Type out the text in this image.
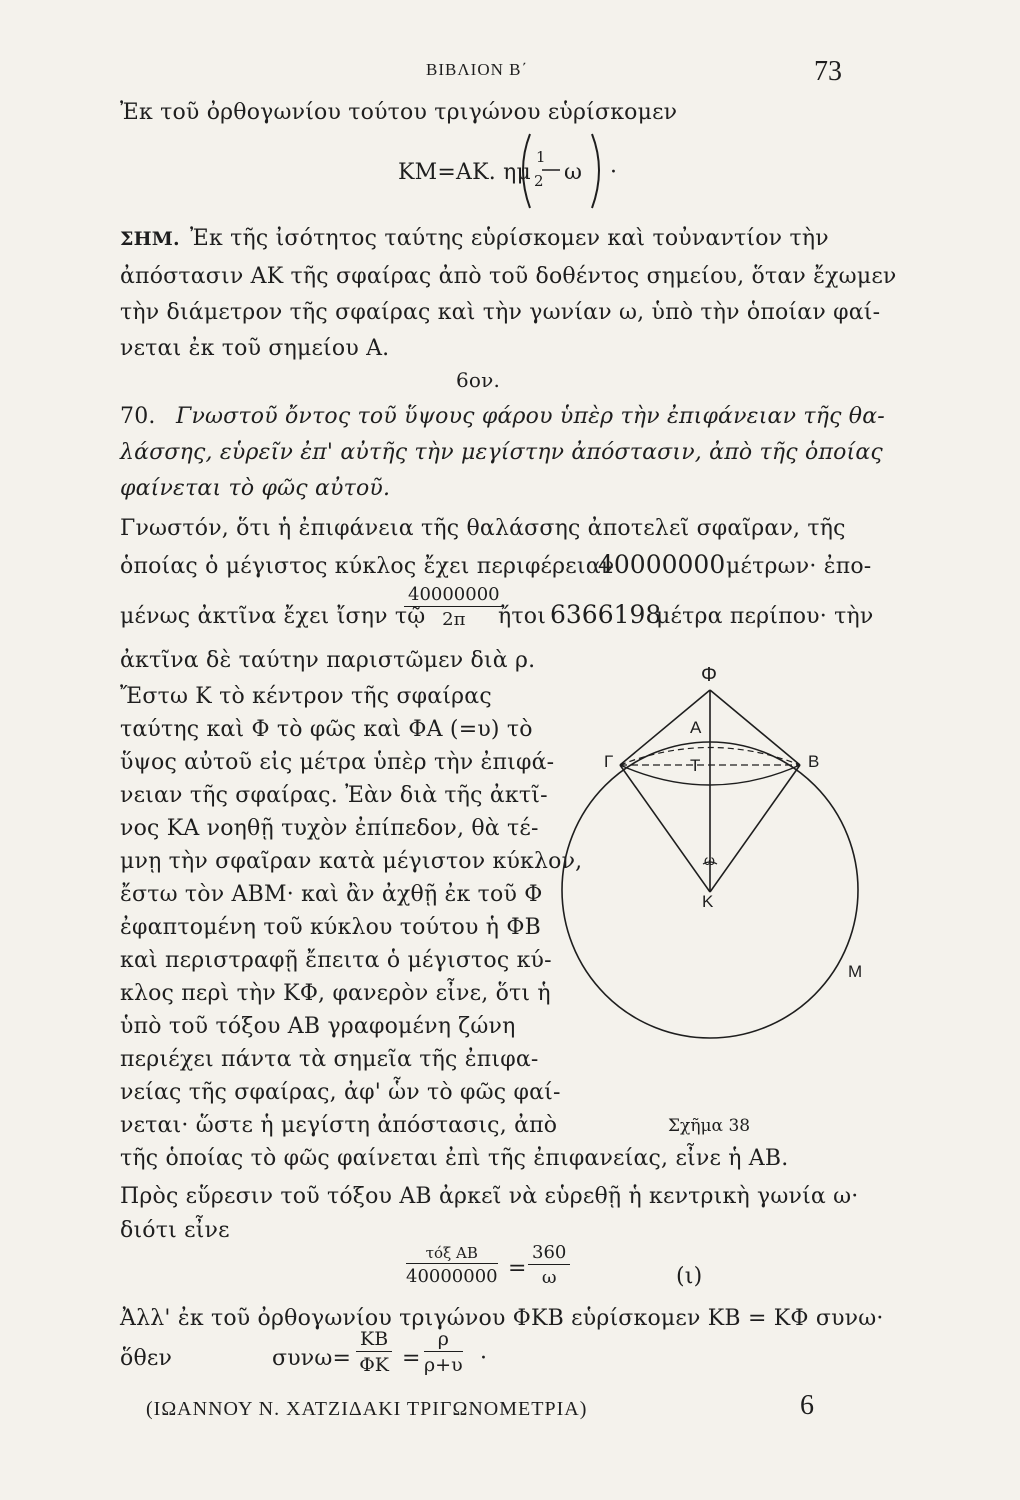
ΒΙΒΛΙΟΝ Β΄	73
Ἐκ τοῦ ὀρθογωνίου τούτου τριγώνου εὑρίσκομεν
ΚΜ=ΑΚ. ημ
1
2 ω ·
ΣΗΜ. Ἐκ τῆς ἰσότητος ταύτης εὑρίσκομεν καὶ τοὐναντίον τὴν
ἀπόστασιν ΑΚ τῆς σφαίρας ἀπὸ τοῦ δοθέντος σημείου, ὅταν ἔχωμεν
τὴν διάμετρον τῆς σφαίρας καὶ τὴν γωνίαν ω, ὑπὸ τὴν ὁποίαν φαί-
νεται ἐκ τοῦ σημείου Α.
6ον.
70. Γνωστοῦ ὄντος τοῦ ὕψους φάρου ὑπὲρ τὴν ἐπιφάνειαν τῆς θα-
λάσσης, εὑρεῖν ἐπ' αὐτῆς τὴν μεγίστην ἀπόστασιν, ἀπὸ τῆς ὁποίας
φαίνεται τὸ φῶς αὐτοῦ.
Γνωστόν, ὅτι ἡ ἐπιφάνεια τῆς θαλάσσης ἀποτελεῖ σφαῖραν, τῆς
ὁποίας ὁ μέγιστος κύκλος ἔχει περιφέρειαν
40000000 μέτρων· ἐπο-
μένως ἀκτῖνα ἔχει ἴσην τῷ
$\frac{40000000}{2\pi}$
ἤτοι 6366198
μέτρα περίπου· τὴν
ἀκτῖνα δὲ ταύτην παριστῶμεν διὰ ρ.
Ἔστω Κ τὸ κέντρον τῆς σφαίρας
ταύτης καὶ Φ τὸ φῶς καὶ ΦΑ (=υ) τὸ
ὕψος αὐτοῦ εἰς μέτρα ὑπὲρ τὴν ἐπιφά-
νειαν τῆς σφαίρας. Ἐὰν διὰ τῆς ἀκτῖ-
νος ΚΑ νοηθῇ τυχὸν ἐπίπεδον, θὰ τέ-
μνῃ τὴν σφαῖραν κατὰ μέγιστον κύκλον,
ἔστω τὸν ΑΒΜ· καὶ ἂν ἀχθῇ ἐκ τοῦ Φ
ἐφαπτομένη τοῦ κύκλου τούτου ἡ ΦΒ
καὶ περιστραφῇ ἔπειτα ὁ μέγιστος κύ-
κλος περὶ τὴν ΚΦ, φανερὸν εἶνε, ὅτι ἡ
ὑπὸ τοῦ τόξου ΑΒ γραφομένη ζώνη
περιέχει πάντα τὰ σημεῖα τῆς ἐπιφα-
νείας τῆς σφαίρας, ἀφ' ὧν τὸ φῶς φαί-
νεται· ὥστε ἡ μεγίστη ἀπόστασις, ἀπὸ
τῆς ὁποίας τὸ φῶς φαίνεται ἐπὶ τῆς ἐπιφανείας, εἶνε ἡ ΑΒ.
Φ
Α
Τ
Γ	Β
ω
Κ
Μ
Σχῆμα 38
Πρὸς εὕρεσιν τοῦ τόξου ΑΒ ἀρκεῖ νὰ εὑρεθῇ ἡ κεντρικὴ γωνία ω·
διότι εἶνε
τόξ ΑΒ
$40000000 = \frac{360}{\omega}$	(ι)
Ἀλλ' ἐκ τοῦ ὀρθογωνίου τριγώνου ΦΚΒ εὑρίσκομεν ΚΒ = ΚΦ συνω·
ὅθεν	$\sigma\upsilon\nu\omega= \frac{KB}{\Phi K} = \frac{\rho}{\rho+\upsilon}$ ·
(ΙΩΑΝΝΟΥ Ν. ΧΑΤΖΙΔΑΚΙ ΤΡΙΓΩΝΟΜΕΤΡΙΑ)	6
